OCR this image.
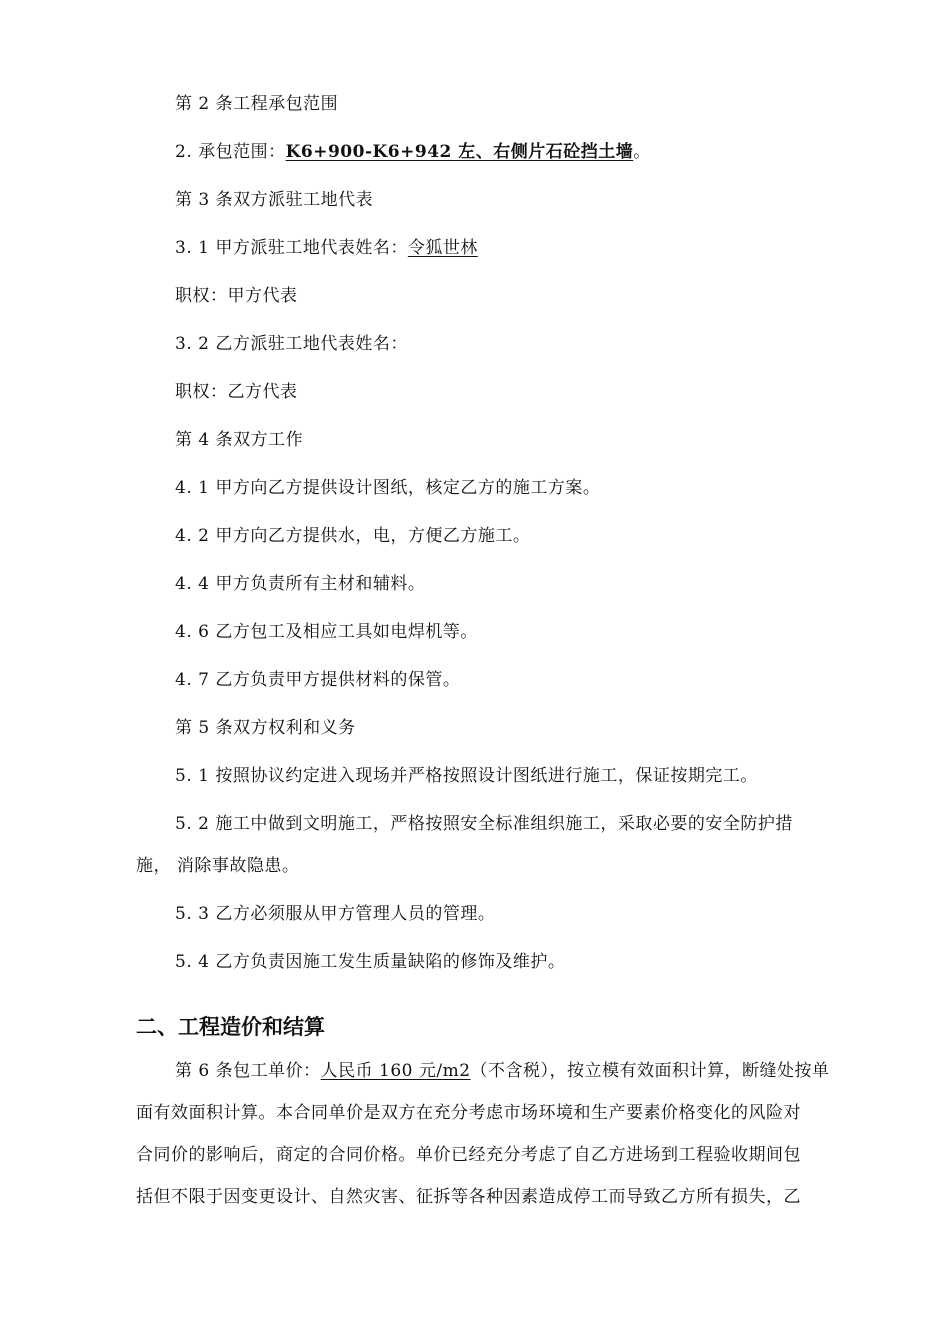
第 2 条工程承包范围
2. 承包范围：K6+900-K6+942 左、右侧片石砼挡土墙。
第 3 条双方派驻工地代表
3. 1 甲方派驻工地代表姓名：令狐世林
职权：甲方代表
3. 2 乙方派驻工地代表姓名：
职权：乙方代表
第 4 条双方工作
4. 1 甲方向乙方提供设计图纸，核定乙方的施工方案。
4. 2 甲方向乙方提供水，电，方便乙方施工。
4. 4 甲方负责所有主材和辅料。
4. 6 乙方包工及相应工具如电焊机等。
4. 7 乙方负责甲方提供材料的保管。
第 5 条双方权利和义务
5. 1 按照协议约定进入现场并严格按照设计图纸进行施工，保证按期完工。
5. 2 施工中做到文明施工，严格按照安全标准组织施工，采取必要的安全防护措
施， 消除事故隐患。
5. 3 乙方必须服从甲方管理人员的管理。
5. 4 乙方负责因施工发生质量缺陷的修饰及维护。
二、工程造价和结算
第 6 条包工单价：人民币 160 元/m2（不含税），按立模有效面积计算，断缝处按单
面有效面积计算。本合同单价是双方在充分考虑市场环境和生产要素价格变化的风险对
合同价的影响后，商定的合同价格。单价已经充分考虑了自乙方进场到工程验收期间包
括但不限于因变更设计、自然灾害、征拆等各种因素造成停工而导致乙方所有损失，乙
